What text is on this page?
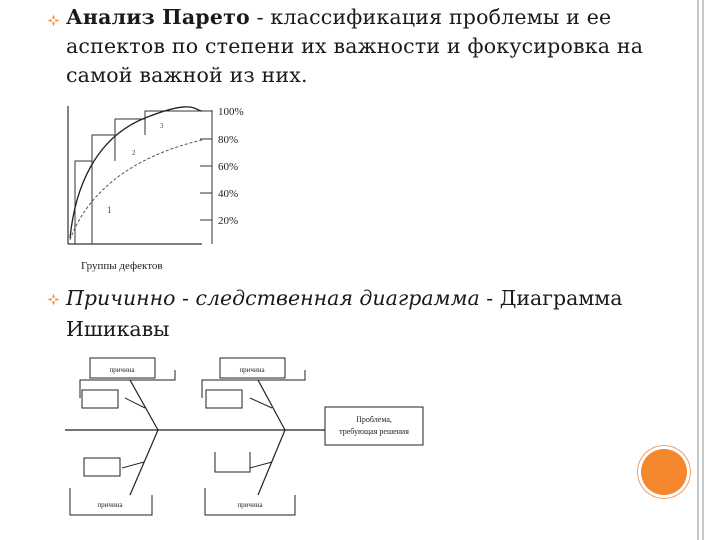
Анализ Парето - классификация проблемы и ее аспектов по степени их важности и фокусировка на самой важной из них.
1
2
3
100%
80%
60%
40%
20%
Группы дефектов
Причинно - следственная диаграмма - Диаграмма Ишикавы
Проблема,
требующая решения
причина	причина
причина	причина
